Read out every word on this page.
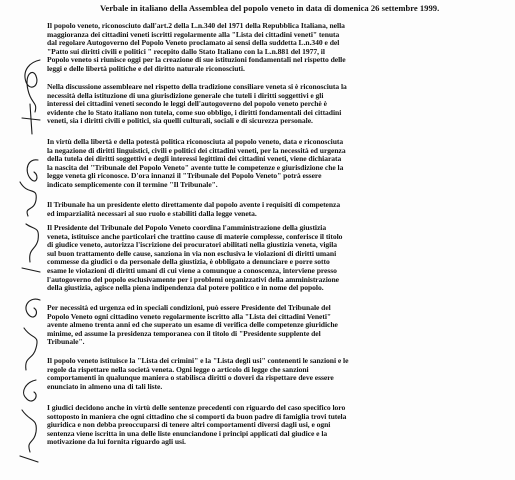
Verbale in italiano della Assemblea del popolo veneto in data di domenica 26 settembre 1999.
Il popolo veneto, riconosciuto dall'art.2 della L.n.340 del 1971 della Repubblica Italiana, nella
maggioranza dei cittadini veneti iscritti regolarmente alla "Lista dei cittadini veneti" tenuta
dal regolare Autogoverno del Popolo Veneto proclamato ai sensi della suddetta L.n.340 e del
"Patto sui diritti civili e politici " recepito dallo Stato Italiano con la L.n.881 del 1977, il
Popolo veneto si riunisce oggi per la creazione di sue istituzioni fondamentali nel rispetto delle
leggi e delle libertà politiche e del diritto naturale riconosciuti.
Nella discussione assembleare nel rispetto della tradizione consiliare veneta si è riconosciuta la
necessità della istituzione di una giurisdizione generale che tuteli i diritti soggettivi e gli
interessi dei cittadini veneti secondo le leggi dell'autogoverno del popolo veneto perchè è
evidente che lo Stato italiano non tutela, come suo obbligo, i diritti fondamentali dei cittadini
veneti, sia i diritti civili e politici, sia quelli culturali, sociali e di sicurezza personale.
In virtù della libertà e della potestà politica riconosciuta al popolo veneto, data e riconosciuta
la negazione di diritti linguistici, civili e politici dei cittadini veneti, per la necessità ed urgenza
della tutela dei diritti soggettivi e degli interessi legittimi dei cittadini veneti, viene dichiarata
la nascita del "Tribunale del Popolo Veneto" avente tutte le competenze e giurisdizione che la
legge veneta gli riconosce. D'ora innanzi il "Tribunale del Popolo Veneto" potrà essere
indicato semplicemente con il termine "Il Tribunale".
Il Tribunale ha un presidente eletto direttamente dal popolo avente i requisiti di competenza
ed imparzialità necessari al suo ruolo e stabiliti dalla legge veneta.
Il Presidente del Tribunale del Popolo Veneto coordina l'amministrazione della giustizia
veneta, istituisce anche particolari che trattino cause di materie complesse, conferisce il titolo
di giudice veneto, autorizza l'iscrizione dei procuratori abilitati nella giustizia veneta, vigila
sul buon trattamento delle cause, sanziona in via non esclusiva le violazioni di diritti umani
commesse da giudici o da personale della giustizia, è obbligato a denunciare e porre sotto
esame le violazioni di diritti umani di cui viene a comunque a conoscenza, interviene presso
l'autogoverno del popolo esclusivamente per i problemi organizzativi della amministrazione
della giustizia, agisce nella piena indipendenza dal potere politico e in nome del popolo.
Per necessità ed urgenza ed in speciali condizioni, può essere Presidente del Tribunale del
Popolo Veneto ogni cittadino veneto regolarmente iscritto alla "Lista dei cittadini Veneti"
avente almeno trenta anni ed che superato un esame di verifica delle competenze giuridiche
minime, ed assume la presidenza temporanea con il titolo di "Presidente supplente del
Tribunale".
Il popolo veneto istituisce la "Lista dei crimini" e la "Lista degli usi" contenenti le sanzioni e le
regole da rispettare nella società veneta. Ogni legge o articolo di legge che sanzioni
comportamenti in qualunque maniera o stabilisca diritti o doveri da rispettare deve essere
enunciato in almeno una di tali liste.
I giudici decidono anche in virtù delle sentenze precedenti con riguardo del caso specifico loro
sottoposto in maniera che ogni cittadino che si comporti da buon padre di famiglia trovi tutela
giuridica e non debba preoccuparsi di tenere altri comportamenti diversi dagli usi, e ogni
sentenza viene iscritta in una delle liste enunciandone i principi applicati dal giudice e la
motivazione da lui fornita riguardo agli usi.
